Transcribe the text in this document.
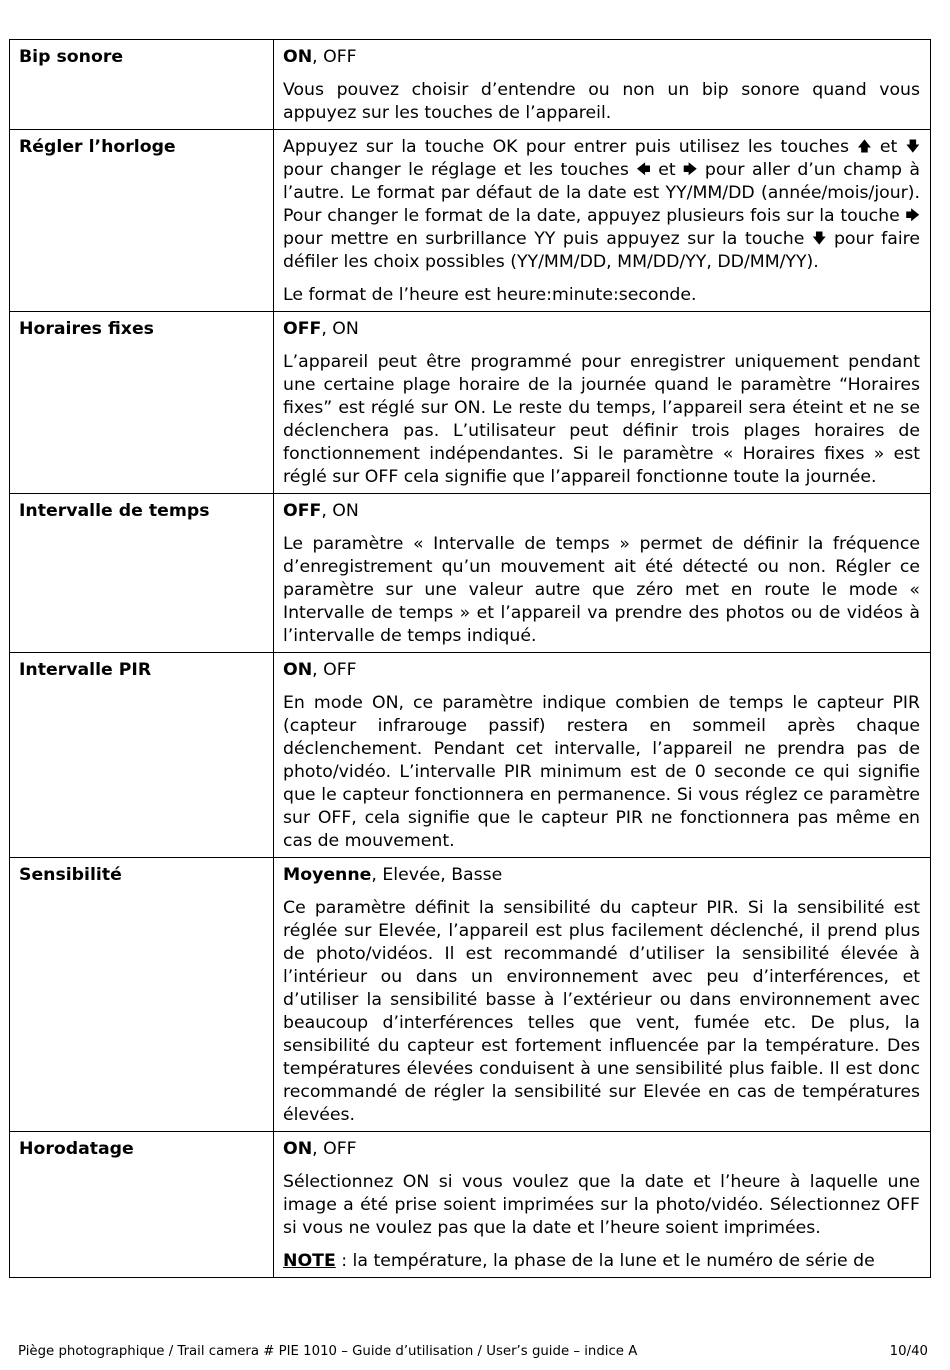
Bip sonore	ON, OFF

Vous pouvez choisir d’entendre ou non un bip sonore quand vous appuyez sur les touches de l’appareil.

Régler l’horloge	Appuyez sur la touche OK pour entrer puis utilisez les touches 🡅 et 🡇 pour changer le réglage et les touches 🡄 et 🡆 pour aller d’un champ à l’autre. Le format par défaut de la date est YY/MM/DD (année/mois/jour). Pour changer le format de la date, appuyez plusieurs fois sur la touche 🡆 pour mettre en surbrillance YY puis appuyez sur la touche 🡇 pour faire défiler les choix possibles (YY/MM/DD, MM/DD/YY, DD/MM/YY).

Le format de l’heure est heure:minute:seconde.

Horaires fixes	OFF, ON

L’appareil peut être programmé pour enregistrer uniquement pendant une certaine plage horaire de la journée quand le paramètre “Horaires fixes” est réglé sur ON. Le reste du temps, l’appareil sera éteint et ne se déclenchera pas. L’utilisateur peut définir trois plages horaires de fonctionnement indépendantes. Si le paramètre « Horaires fixes » est réglé sur OFF cela signifie que l’appareil fonctionne toute la journée.

Intervalle de temps	OFF, ON

Le paramètre « Intervalle de temps » permet de définir la fréquence d’enregistrement qu’un mouvement ait été détecté ou non. Régler ce paramètre sur une valeur autre que zéro met en route le mode « Intervalle de temps » et l’appareil va prendre des photos ou de vidéos à l’intervalle de temps indiqué.

Intervalle PIR	ON, OFF

En mode ON, ce paramètre indique combien de temps le capteur PIR (capteur infrarouge passif) restera en sommeil après chaque déclenchement. Pendant cet intervalle, l’appareil ne prendra pas de photo/vidéo. L’intervalle PIR minimum est de 0 seconde ce qui signifie que le capteur fonctionnera en permanence. Si vous réglez ce paramètre sur OFF, cela signifie que le capteur PIR ne fonctionnera pas même en cas de mouvement.

Sensibilité	Moyenne, Elevée, Basse

Ce paramètre définit la sensibilité du capteur PIR. Si la sensibilité est réglée sur Elevée, l’appareil est plus facilement déclenché, il prend plus de photo/vidéos. Il est recommandé d’utiliser la sensibilité élevée à l’intérieur ou dans un environnement avec peu d’interférences, et d’utiliser la sensibilité basse à l’extérieur ou dans environnement avec beaucoup d’interférences telles que vent, fumée etc. De plus, la sensibilité du capteur est fortement influencée par la température. Des températures élevées conduisent à une sensibilité plus faible. Il est donc recommandé de régler la sensibilité sur Elevée en cas de températures élevées.

Horodatage	ON, OFF

Sélectionnez ON si vous voulez que la date et l’heure à laquelle une image a été prise soient imprimées sur la photo/vidéo. Sélectionnez OFF si vous ne voulez pas que la date et l’heure soient imprimées.

NOTE : la température, la phase de la lune et le numéro de série de

Piège photographique / Trail camera # PIE 1010 – Guide d’utilisation / User’s guide – indice A	10/40
